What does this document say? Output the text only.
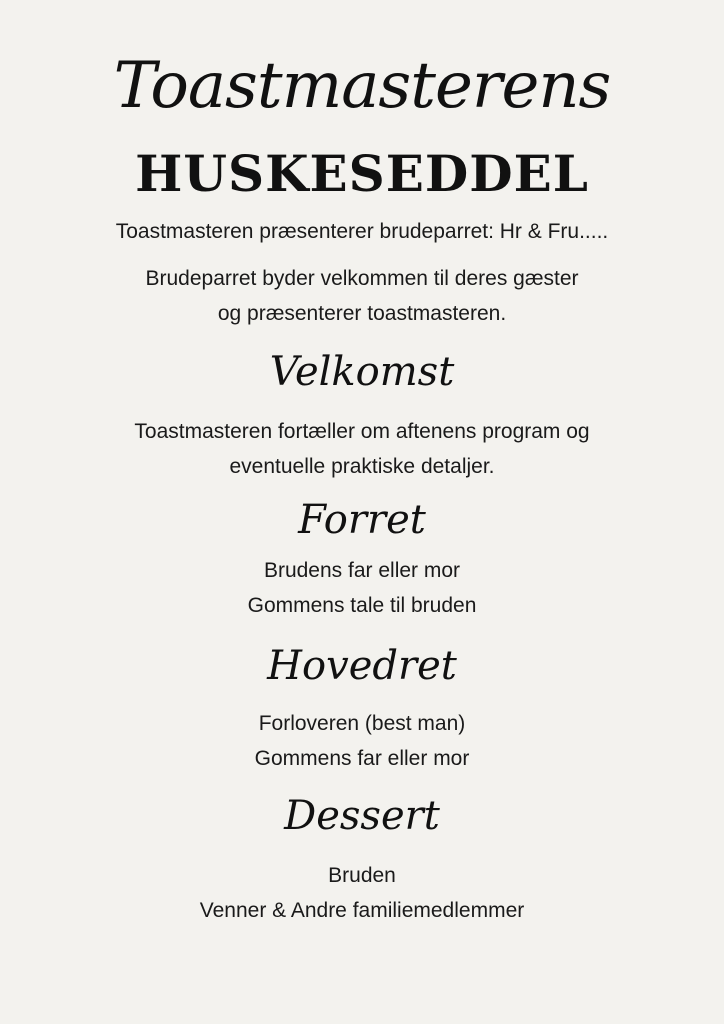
Toastmasterens
HUSKESEDDEL
Toastmasteren præsenterer brudeparret: Hr & Fru.....
Brudeparret byder velkommen til deres gæster
og præsenterer toastmasteren.
Velkomst
Toastmasteren fortæller om aftenens program og
eventuelle praktiske detaljer.
Forret
Brudens far eller mor
Gommens tale til bruden
Hovedret
Forloveren (best man)
Gommens far eller mor
Dessert
Bruden
Venner & Andre familiemedlemmer
